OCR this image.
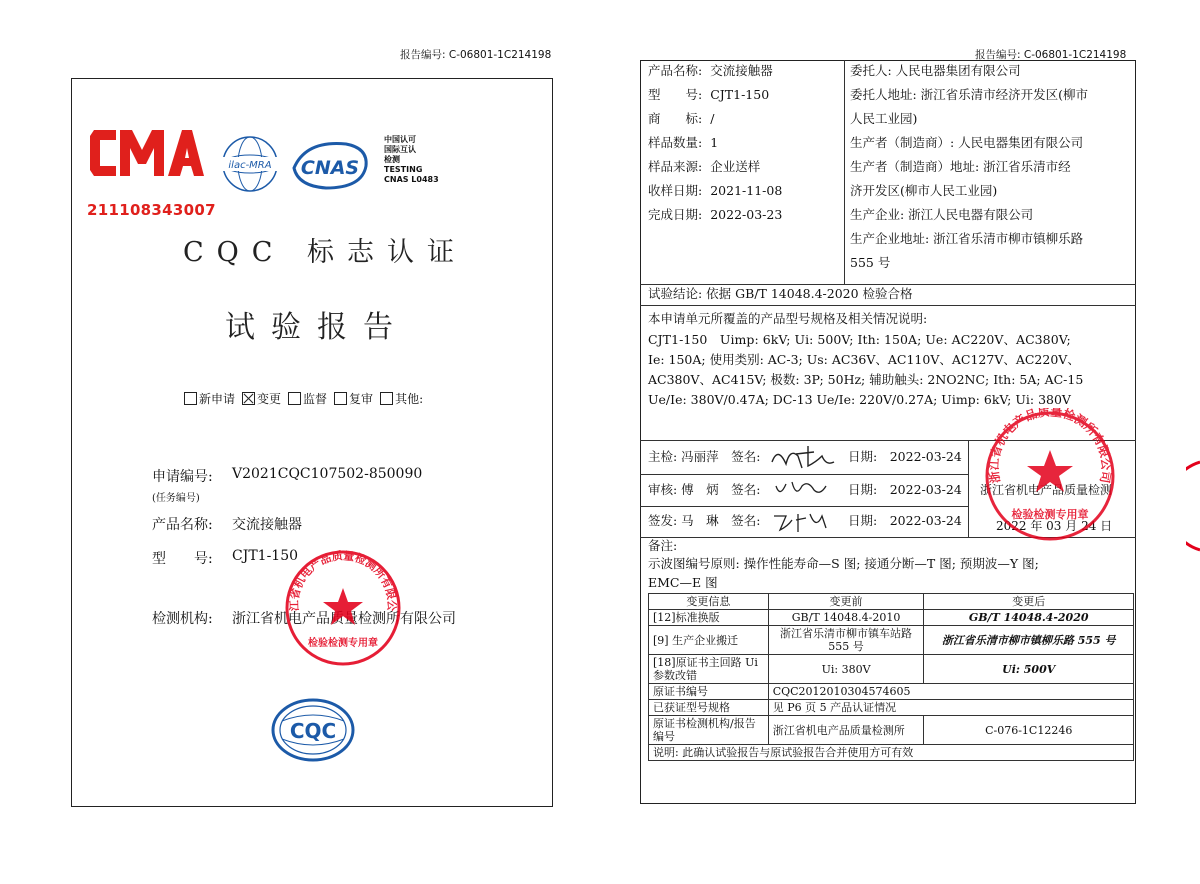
报告编号: C-06801-1C214198
211108343007
ilac-MRA CNAS
中国认可
国际互认
检测
TESTING
CNAS L0483
CQC 标志认证
试验报告
新申请 变更 监督 复审 其他:
申请编号: V2021CQC107502-850090
(任务编号)
产品名称: 交流接触器
型　　号: CJT1-150
检测机构: 浙江省机电产品质量检测所有限公司
江省机电产品质量检测所有限公
检验检测专用章
CQC
报告编号: C-06801-1C214198
产品名称: 交流接触器
型　　号: CJT1-150
商　　标: /
样品数量: 1
样品来源: 企业送样
收样日期: 2021-11-08
完成日期: 2022-03-23
委托人: 人民电器集团有限公司
委托人地址: 浙江省乐清市经济开发区(柳市
人民工业园)
生产者（制造商）: 人民电器集团有限公司
生产者（制造商）地址: 浙江省乐清市经
济开发区(柳市人民工业园)
生产企业: 浙江人民电器有限公司
生产企业地址: 浙江省乐清市柳市镇柳乐路
555 号
试验结论: 依据 GB/T 14048.4-2020 检验合格
本申请单元所覆盖的产品型号规格及相关情况说明:
CJT1-150　Uimp: 6kV; Ui: 500V; Ith: 150A; Ue: AC220V、AC380V;
Ie: 150A; 使用类别: AC-3; Us: AC36V、AC110V、AC127V、AC220V、
AC380V、AC415V; 极数: 3P; 50Hz; 辅助触头: 2NO2NC; Ith: 5A; AC-15
Ue/Ie: 380V/0.47A; DC-13 Ue/Ie: 220V/0.27A; Uimp: 6kV; Ui: 380V
主检: 冯丽萍　 签名:	日期:　 2022-03-24
审核: 傅　炳　 签名:	日期:　 2022-03-24
签发: 马　琳　 签名:	日期:　 2022-03-24
浙江省机电产品质量检测
2022 年 03 月 24 日
浙江省机电产品质量检测所有限公司
检验检测专用章
备注:
示波图编号原则: 操作性能寿命—S 图; 接通分断—T 图; 预期波—Y 图;
EMC—E 图
变更信息	变更前	变更后
[12]标准换版	GB/T 14048.4-2010	GB/T 14048.4-2020
[9] 生产企业搬迁	浙江省乐清市柳市镇车站路 555 号	浙江省乐清市柳市镇柳乐路 555 号
[18]原证书主回路 Ui 参数改错	Ui: 380V	Ui: 500V
原证书编号	CQC2012010304574605	
已获证型号规格	见 P6 页 5 产品认证情况	
原证书检测机构/报告编号	浙江省机电产品质量检测所	C-076-1C12246
说明: 此确认试验报告与原试验报告合并使用方可有效		
